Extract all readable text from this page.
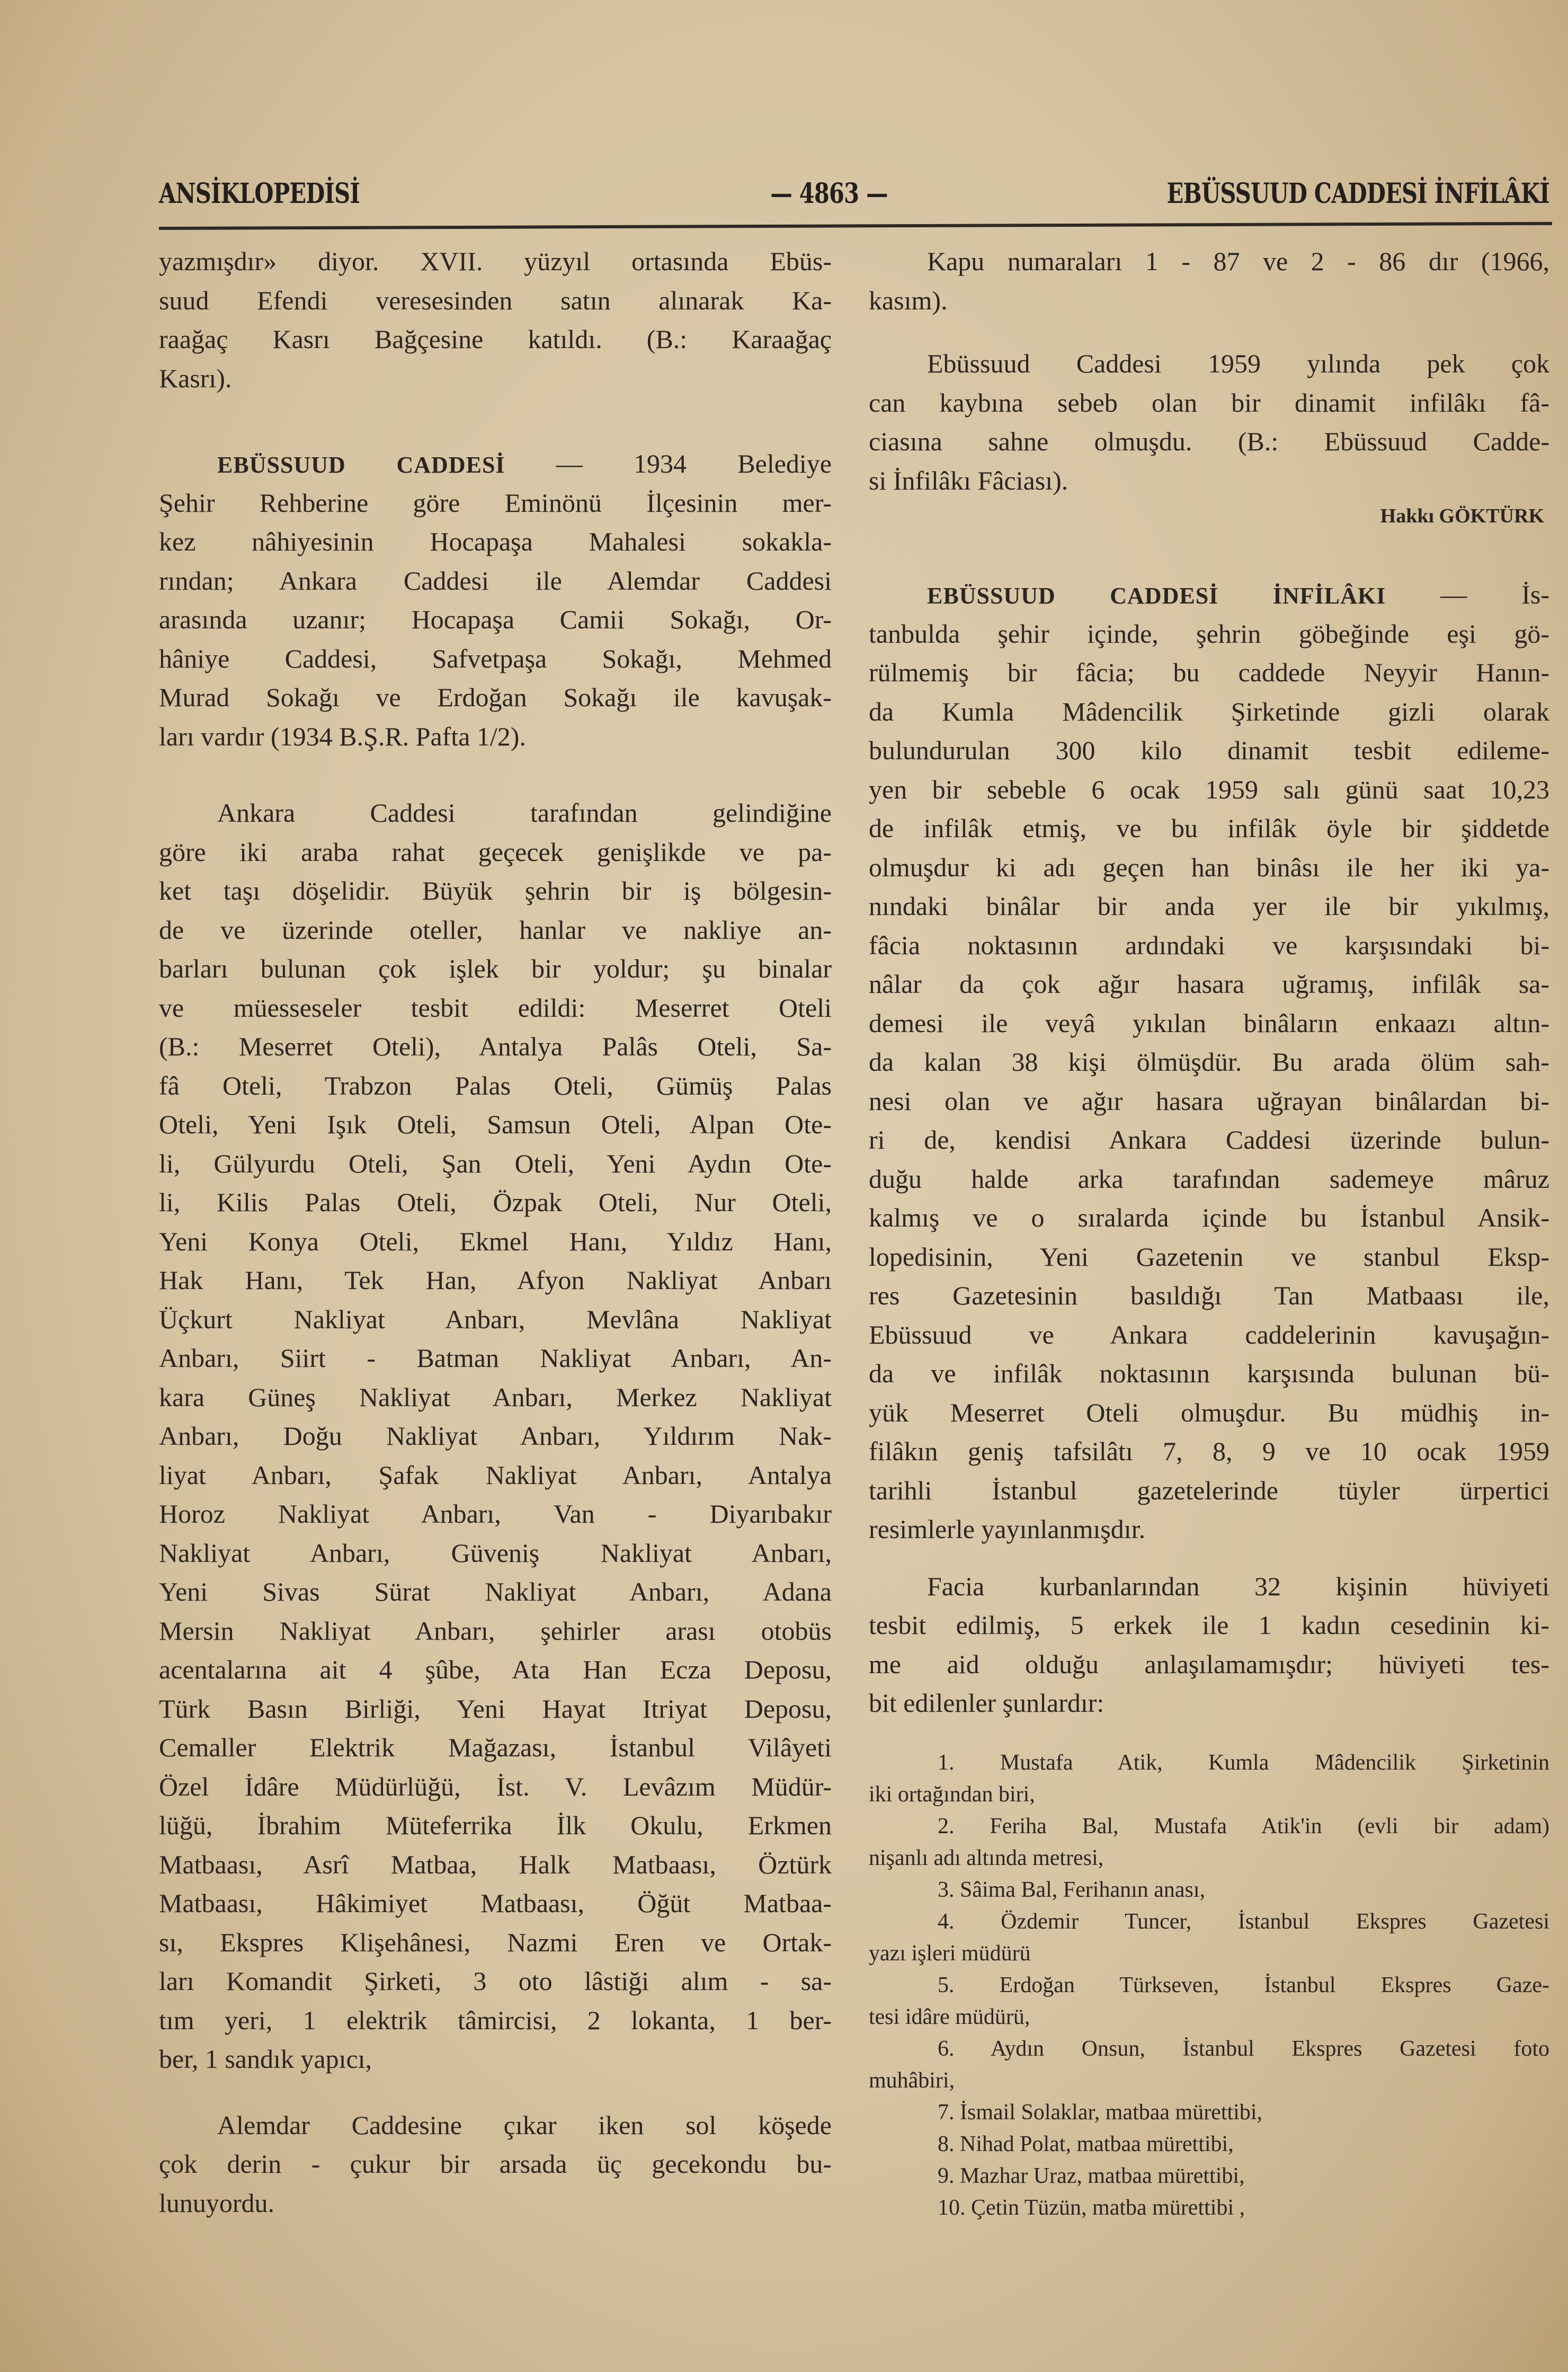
ANSİKLOPEDİSİ	— 4863 —	EBÜSSUUD CADDESİ İNFİLÂKİ
yazmışdır» diyor. XVII. yüzyıl ortasında Ebüs-
suud Efendi veresesinden satın alınarak Ka-
raağaç Kasrı Bağçesine katıldı. (B.: Karaağaç
Kasrı).
EBÜSSUUD CADDESİ — 1934 Belediye
Şehir Rehberine göre Eminönü İlçesinin mer-
kez nâhiyesinin Hocapaşa Mahalesi sokakla-
rından; Ankara Caddesi ile Alemdar Caddesi
arasında uzanır; Hocapaşa Camii Sokağı, Or-
hâniye Caddesi, Safvetpaşa Sokağı, Mehmed
Murad Sokağı ve Erdoğan Sokağı ile kavuşak-
ları vardır (1934 B.Ş.R. Pafta 1/2).
Ankara Caddesi tarafından gelindiğine
göre iki araba rahat geçecek genişlikde ve pa-
ket taşı döşelidir. Büyük şehrin bir iş bölgesin-
de ve üzerinde oteller, hanlar ve nakliye an-
barları bulunan çok işlek bir yoldur; şu binalar
ve müesseseler tesbit edildi: Meserret Oteli
(B.: Meserret Oteli), Antalya Palâs Oteli, Sa-
fâ Oteli, Trabzon Palas Oteli, Gümüş Palas
Oteli, Yeni Işık Oteli, Samsun Oteli, Alpan Ote-
li, Gülyurdu Oteli, Şan Oteli, Yeni Aydın Ote-
li, Kilis Palas Oteli, Özpak Oteli, Nur Oteli,
Yeni Konya Oteli, Ekmel Hanı, Yıldız Hanı,
Hak Hanı, Tek Han, Afyon Nakliyat Anbarı
Üçkurt Nakliyat Anbarı, Mevlâna Nakliyat
Anbarı, Siirt - Batman Nakliyat Anbarı, An-
kara Güneş Nakliyat Anbarı, Merkez Nakliyat
Anbarı, Doğu Nakliyat Anbarı, Yıldırım Nak-
liyat Anbarı, Şafak Nakliyat Anbarı, Antalya
Horoz Nakliyat Anbarı, Van - Diyarıbakır
Nakliyat Anbarı, Güveniş Nakliyat Anbarı,
Yeni Sivas Sürat Nakliyat Anbarı, Adana
Mersin Nakliyat Anbarı, şehirler arası otobüs
acentalarına ait 4 şûbe, Ata Han Ecza Deposu,
Türk Basın Birliği, Yeni Hayat Itriyat Deposu,
Cemaller Elektrik Mağazası, İstanbul Vilâyeti
Özel İdâre Müdürlüğü, İst. V. Levâzım Müdür-
lüğü, İbrahim Müteferrika İlk Okulu, Erkmen
Matbaası, Asrî Matbaa, Halk Matbaası, Öztürk
Matbaası, Hâkimiyet Matbaası, Öğüt Matbaa-
sı, Ekspres Klişehânesi, Nazmi Eren ve Ortak-
ları Komandit Şirketi, 3 oto lâstiği alım - sa-
tım yeri, 1 elektrik tâmircisi, 2 lokanta, 1 ber-
ber, 1 sandık yapıcı,
Alemdar Caddesine çıkar iken sol köşede
çok derin - çukur bir arsada üç gecekondu bu-
lunuyordu.
Kapu numaraları 1 - 87 ve 2 - 86 dır (1966,
kasım).
Ebüssuud Caddesi 1959 yılında pek çok
can kaybına sebeb olan bir dinamit infilâkı fâ-
ciasına sahne olmuşdu. (B.: Ebüssuud Cadde-
si İnfilâkı Fâciası).
Hakkı GÖKTÜRK
EBÜSSUUD CADDESİ İNFİLÂKI — İs-
tanbulda şehir içinde, şehrin göbeğinde eşi gö-
rülmemiş bir fâcia; bu caddede Neyyir Hanın-
da Kumla Mâdencilik Şirketinde gizli olarak
bulundurulan 300 kilo dinamit tesbit edileme-
yen bir sebeble 6 ocak 1959 salı günü saat 10,23
de infilâk etmiş, ve bu infilâk öyle bir şiddetde
olmuşdur ki adı geçen han binâsı ile her iki ya-
nındaki binâlar bir anda yer ile bir yıkılmış,
fâcia noktasının ardındaki ve karşısındaki bi-
nâlar da çok ağır hasara uğramış, infilâk sa-
demesi ile veyâ yıkılan binâların enkaazı altın-
da kalan 38 kişi ölmüşdür. Bu arada ölüm sah-
nesi olan ve ağır hasara uğrayan binâlardan bi-
ri de, kendisi Ankara Caddesi üzerinde bulun-
duğu halde arka tarafından sademeye mâruz
kalmış ve o sıralarda içinde bu İstanbul Ansik-
lopedisinin, Yeni Gazetenin ve stanbul Eksp-
res Gazetesinin basıldığı Tan Matbaası ile,
Ebüssuud ve Ankara caddelerinin kavuşağın-
da ve infilâk noktasının karşısında bulunan bü-
yük Meserret Oteli olmuşdur. Bu müdhiş in-
filâkın geniş tafsilâtı 7, 8, 9 ve 10 ocak 1959
tarihli İstanbul gazetelerinde tüyler ürpertici
resimlerle yayınlanmışdır.
Facia kurbanlarından 32 kişinin hüviyeti
tesbit edilmiş, 5 erkek ile 1 kadın cesedinin ki-
me aid olduğu anlaşılamamışdır; hüviyeti tes-
bit edilenler şunlardır:
1. Mustafa Atik, Kumla Mâdencilik Şirketinin
iki ortağından biri,
2. Feriha Bal, Mustafa Atik'in (evli bir adam)
nişanlı adı altında metresi,
3. Sâima Bal, Ferihanın anası,
4. Özdemir Tuncer, İstanbul Ekspres Gazetesi
yazı işleri müdürü
5. Erdoğan Türkseven, İstanbul Ekspres Gaze-
tesi idâre müdürü,
6. Aydın Onsun, İstanbul Ekspres Gazetesi foto
muhâbiri,
7. İsmail Solaklar, matbaa mürettibi,
8. Nihad Polat, matbaa mürettibi,
9. Mazhar Uraz, matbaa mürettibi,
10. Çetin Tüzün, matba mürettibi ,
